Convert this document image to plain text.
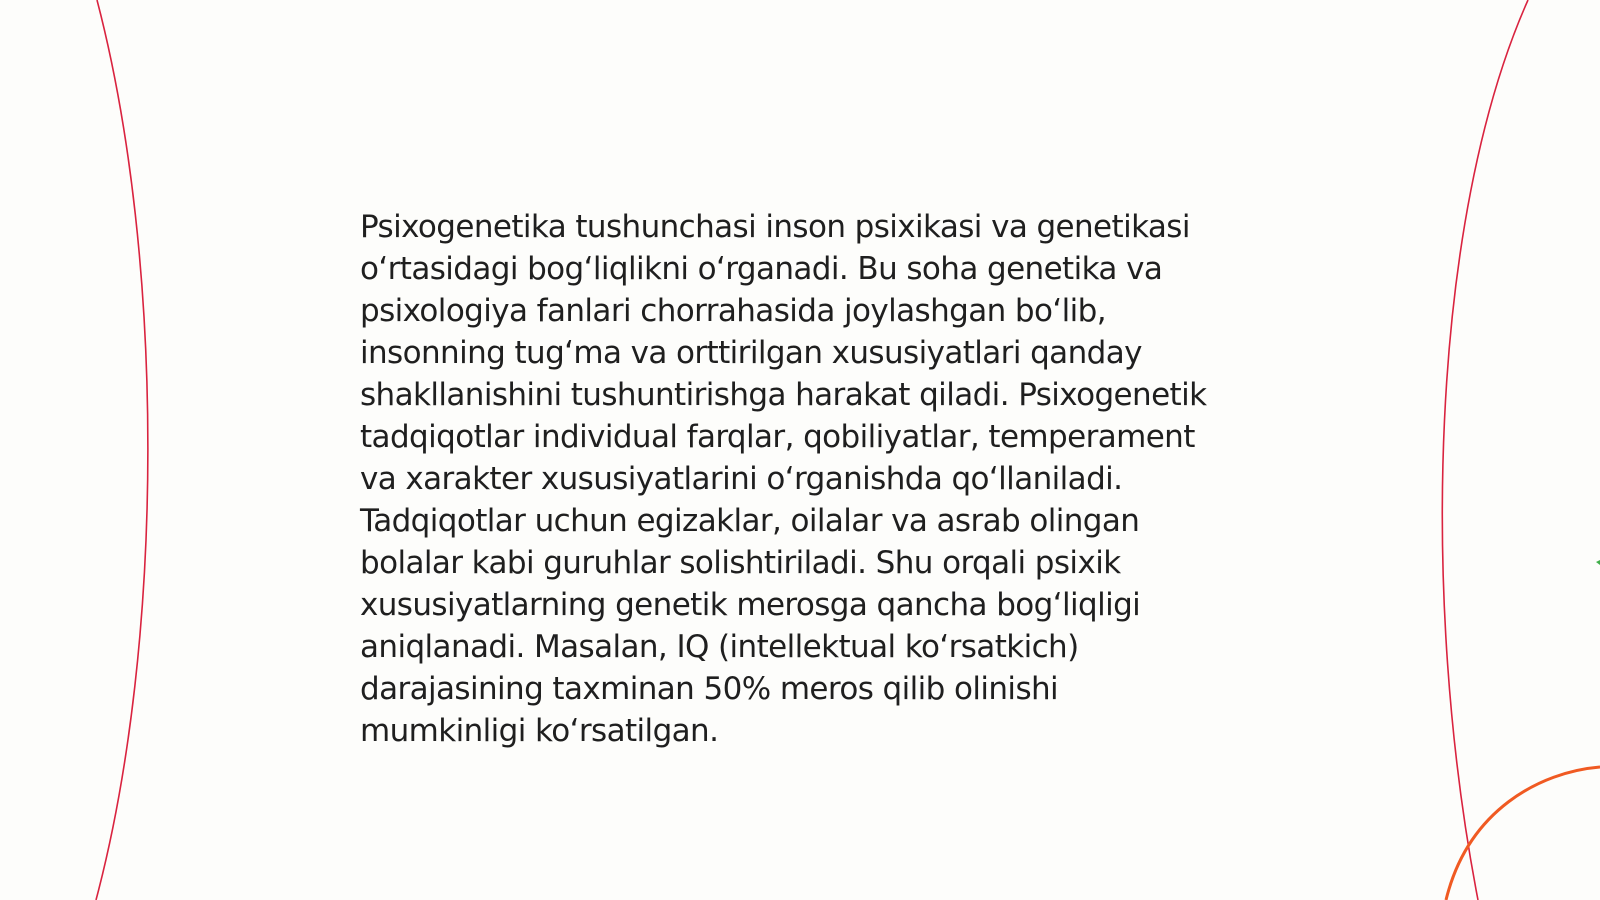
Psixogenetika tushunchasi inson psixikasi va genetikasi oʻrtasidagi bogʻliqlikni oʻrganadi. Bu soha genetika va psixologiya fanlari chorrahasida joylashgan boʻlib, insonning tugʻma va orttirilgan xususiyatlari qanday shakllanishini tushuntirishga harakat qiladi. Psixogenetik tadqiqotlar individual farqlar, qobiliyatlar, temperament va xarakter xususiyatlarini oʻrganishda qoʻllaniladi. Tadqiqotlar uchun egizaklar, oilalar va asrab olingan bolalar kabi guruhlar solishtiriladi. Shu orqali psixik xususiyatlarning genetik merosga qancha bogʻliqligi aniqlanadi. Masalan, IQ (intellektual koʻrsatkich) darajasining taxminan 50% meros qilib olinishi mumkinligi koʻrsatilgan.
